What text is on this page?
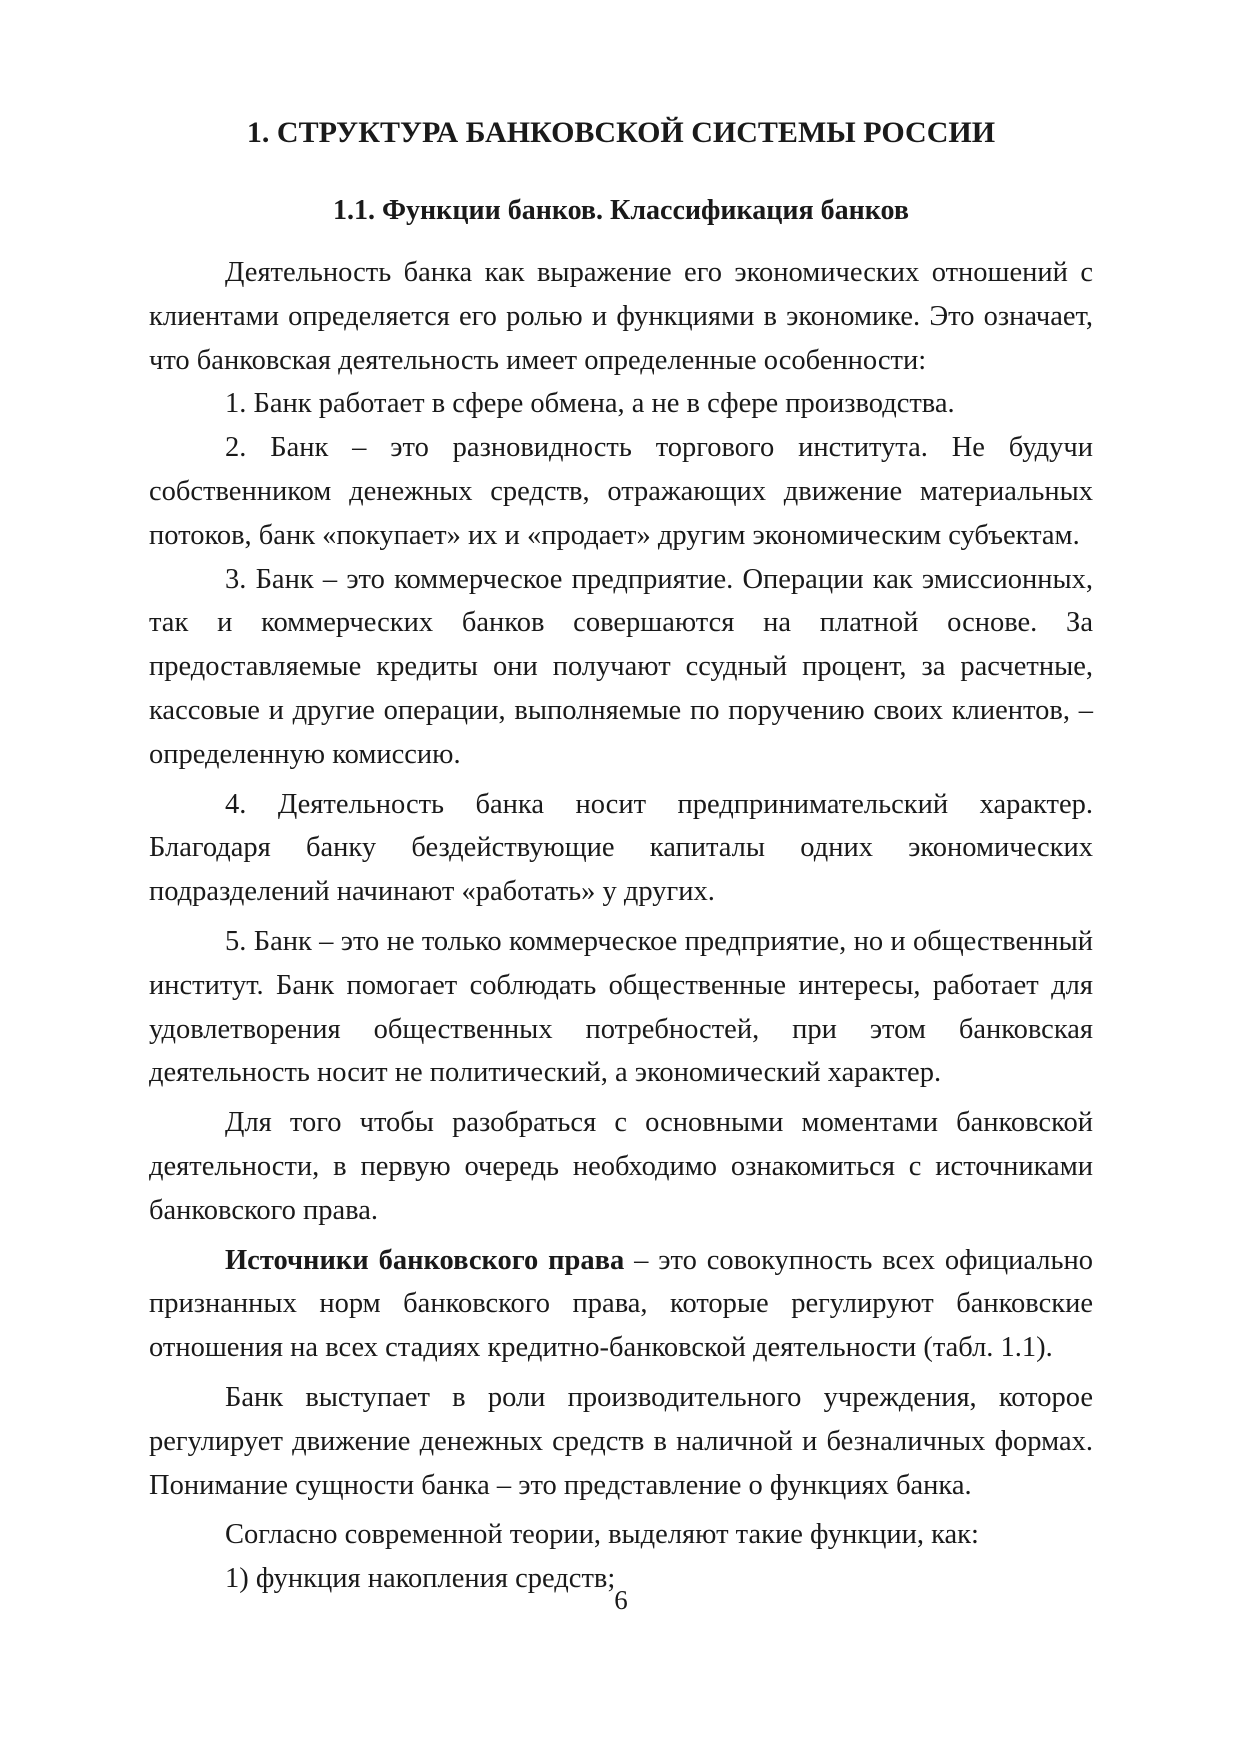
1. СТРУКТУРА БАНКОВСКОЙ СИСТЕМЫ РОССИИ
1.1. Функции банков. Классификация банков

Деятельность банка как выражение его экономических отношений с клиентами определяется его ролью и функциями в экономике. Это означает, что банковская деятельность имеет определенные особенности:

1. Банк работает в сфере обмена, а не в сфере производства.

2. Банк – это разновидность торгового института. Не будучи собственником денежных средств, отражающих движение материальных потоков, банк «покупает» их и «продает» другим экономическим субъектам.

3. Банк – это коммерческое предприятие. Операции как эмиссионных, так и коммерческих банков совершаются на платной основе. За предоставляемые кредиты они получают ссудный процент, за расчетные, кассовые и другие операции, выполняемые по поручению своих клиентов, – определенную комиссию.

4. Деятельность банка носит предпринимательский характер. Благодаря банку бездействующие капиталы одних экономических подразделений начинают «работать» у других.

5. Банк – это не только коммерческое предприятие, но и общественный институт. Банк помогает соблюдать общественные интересы, работает для удовлетворения общественных потребностей, при этом банковская деятельность носит не политический, а экономический характер.

Для того чтобы разобраться с основными моментами банковской деятельности, в первую очередь необходимо ознакомиться с источниками банковского права.

Источники банковского права – это совокупность всех официально признанных норм банковского права, которые регулируют банковские отношения на всех стадиях кредитно-банковской деятельности (табл. 1.1).

Банк выступает в роли производительного учреждения, которое регулирует движение денежных средств в наличной и безналичных формах. Понимание сущности банка – это представление о функциях банка.

Согласно современной теории, выделяют такие функции, как:

1) функция накопления средств;

6
